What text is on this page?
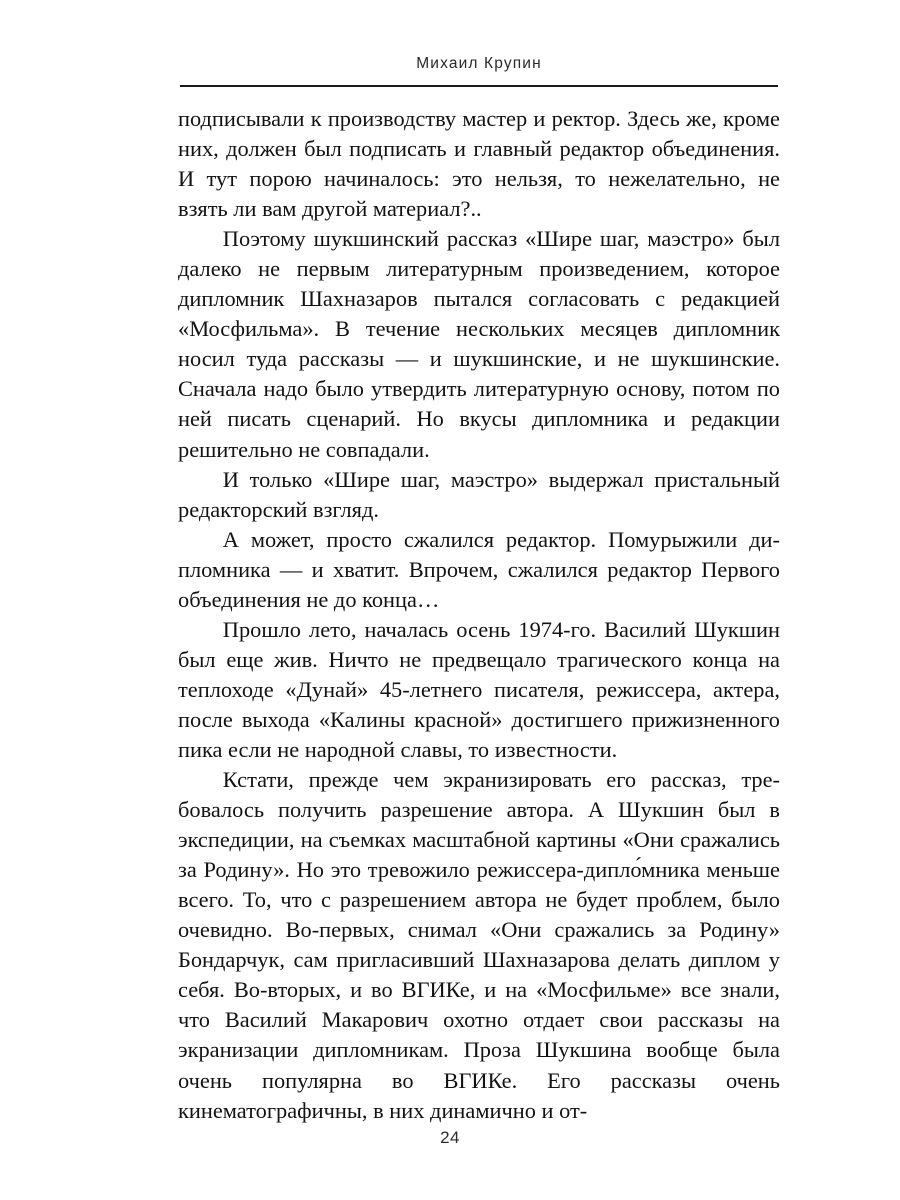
Михаил Крупин

подписывали к производству мастер и ректор. Здесь же, кроме них, должен был подписать и главный редактор объединения. И тут порою начиналось: это нельзя, то нежелательно, не взять ли вам другой материал?..

Поэтому шукшинский рассказ «Шире шаг, маэстро» был далеко не первым литературным произведением, которое дипломник Шахназаров пытался согласовать с редакцией «Мосфильма». В течение нескольких месяцев дипломник носил туда рассказы — и шукшинские, и не шукшинские. Сначала надо было утвердить литературную основу, потом по ней писать сценарий. Но вкусы дипломника и редакции решительно не совпадали.

И только «Шире шаг, маэстро» выдержал пристальный редакторский взгляд.

А может, просто сжалился редактор. Помурыжили дипломника — и хватит. Впрочем, сжалился редактор Первого объединения не до конца…

Прошло лето, началась осень 1974-го. Василий Шукшин был еще жив. Ничто не предвещало трагического конца на теплоходе «Дунай» 45-летнего писателя, режиссера, актера, после выхода «Калины красной» достигшего прижизненного пика если не народной славы, то известности.

Кстати, прежде чем экранизировать его рассказ, требовалось получить разрешение автора. А Шукшин был в экспедиции, на съемках масштабной картины «Они сражались за Родину». Но это тревожило режиссера-дипло́мника меньше всего. То, что с разрешением автора не будет проблем, было очевидно. Во-первых, снимал «Они сражались за Родину» Бондарчук, сам пригласивший Шахназарова делать диплом у себя. Во-вторых, и во ВГИКе, и на «Мосфильме» все знали, что Василий Макарович охотно отдает свои рассказы на экранизации дипломникам. Проза Шукшина вообще была очень популярна во ВГИКе. Его рассказы очень кинематографичны, в них динамично и от-

24
